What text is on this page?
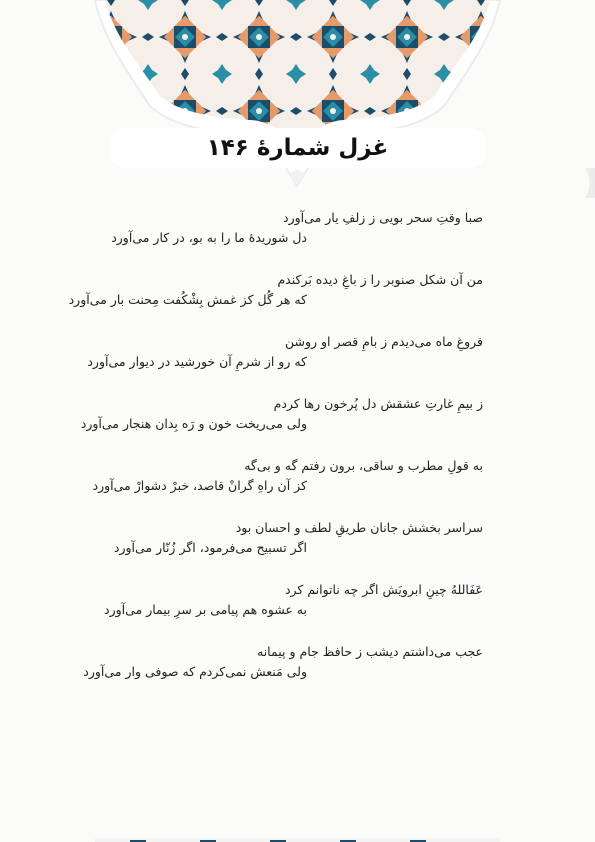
غزل شمارهٔ ۱۴۶
صبا وقتِ سحر بویی ز زلفِ یار می‌آورد
دل شوریدهٔ ما را به بو، در کار می‌آورد
من آن شکل صنوبر را ز باغِ دیده بَرکندم
که هر گُل کز غمش بِشْکُفت مِحنت بار می‌آورد
فروغِ ماه می‌دیدم ز بامِ قصر او روشن
که رو از شرمِ آن خورشید در دیوار می‌آورد
ز بیمِ غارتِ عشقش دل پُرخون رها کردم
ولی می‌ریخت خون و رَه بِدان هنجار می‌آورد
به قولِ مطرب و ساقی، برون رفتم گه و بی‌گه
کز آن راهِ گرانْ قاصد، خبرْ دشوارْ می‌آورد
سراسر بخشش جانان طریقِ لطف و احسان بود
اگر تسبیح می‌فرمود، اگر زُنّار می‌آورد
عَفَاللهُ چینِ ابرویَش اگر چه ناتوانم کرد
به عشوه هم پیامی بر سرِ بیمار می‌آورد
عجب می‌داشتم دیشب ز حافظ جام و پیمانه
ولی مَنعش نمی‌کردم که صوفی وار می‌آورد
